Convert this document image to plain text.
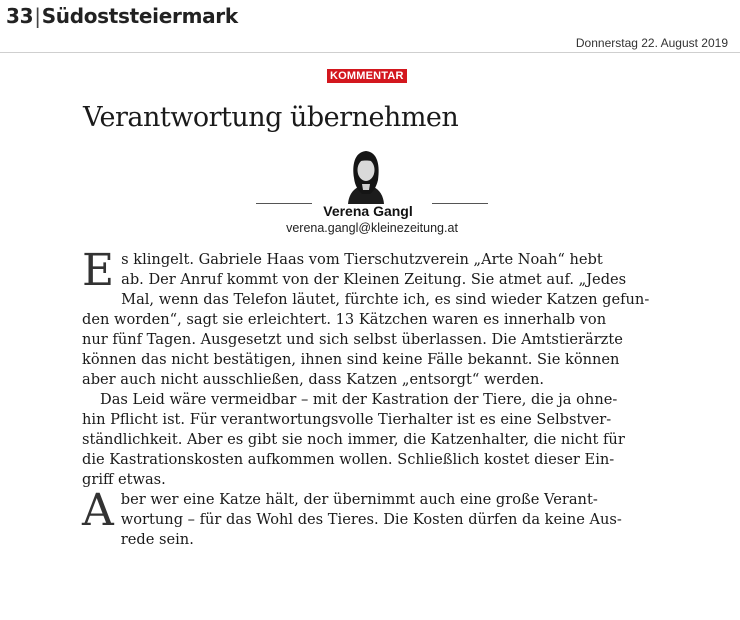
33|Südoststeiermark
Donnerstag 22. August 2019
KOMMENTAR
Verantwortung übernehmen
Verena Gangl
verena.gangl@kleinezeitung.at

E s klingelt. Gabriele Haas vom Tierschutzverein „Arte Noah“ hebt
ab. Der Anruf kommt von der Kleinen Zeitung. Sie atmet auf. „Jedes
Mal, wenn das Telefon läutet, fürchte ich, es sind wieder Katzen gefun-
den worden“, sagt sie erleichtert. 13 Kätzchen waren es innerhalb von
nur fünf Tagen. Ausgesetzt und sich selbst überlassen. Die Amtstierärzte
können das nicht bestätigen, ihnen sind keine Fälle bekannt. Sie können
aber auch nicht ausschließen, dass Katzen „entsorgt“ werden.

Das Leid wäre vermeidbar – mit der Kastration der Tiere, die ja ohne-
hin Pflicht ist. Für verantwortungsvolle Tierhalter ist es eine Selbstver-
ständlichkeit. Aber es gibt sie noch immer, die Katzenhalter, die nicht für
die Kastrationskosten aufkommen wollen. Schließlich kostet dieser Ein-
griff etwas.

A ber wer eine Katze hält, der übernimmt auch eine große Verant-
wortung – für das Wohl des Tieres. Die Kosten dürfen da keine Aus-
rede sein.
